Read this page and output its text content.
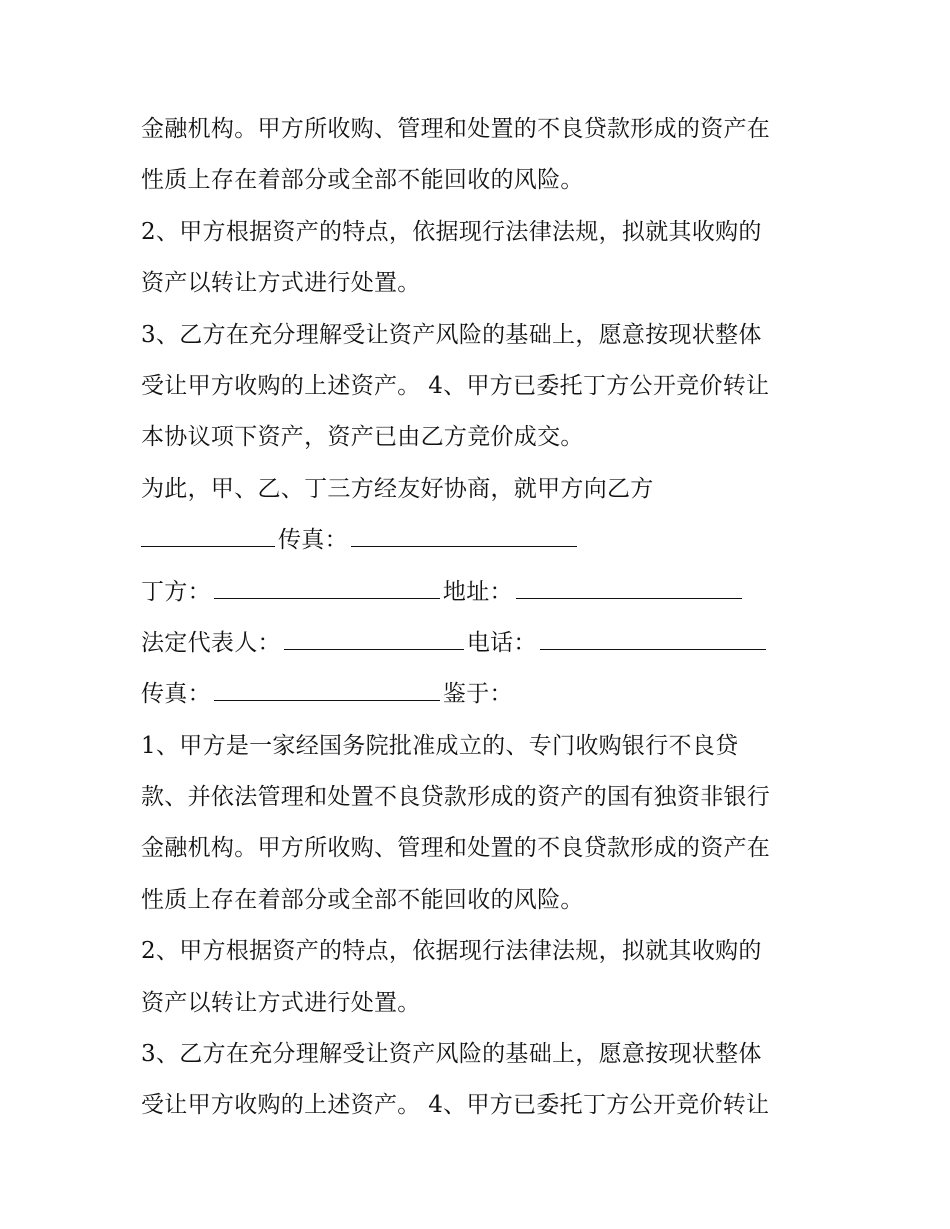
金融机构。甲方所收购、管理和处置的不良贷款形成的资产在
性质上存在着部分或全部不能回收的风险。
2、甲方根据资产的特点，依据现行法律法规，拟就其收购的
资产以转让方式进行处置。
3、乙方在充分理解受让资产风险的基础上，愿意按现状整体
受让甲方收购的上述资产。 4、甲方已委托丁方公开竞价转让
本协议项下资产，资产已由乙方竞价成交。
为此，甲、乙、丁三方经友好协商，就甲方向乙方
传真：
丁方：	地址：
法定代表人：	电话：
传真：	鉴于：
1、甲方是一家经国务院批准成立的、专门收购银行不良贷
款、并依法管理和处置不良贷款形成的资产的国有独资非银行
金融机构。甲方所收购、管理和处置的不良贷款形成的资产在
性质上存在着部分或全部不能回收的风险。
2、甲方根据资产的特点，依据现行法律法规，拟就其收购的
资产以转让方式进行处置。
3、乙方在充分理解受让资产风险的基础上，愿意按现状整体
受让甲方收购的上述资产。 4、甲方已委托丁方公开竞价转让
